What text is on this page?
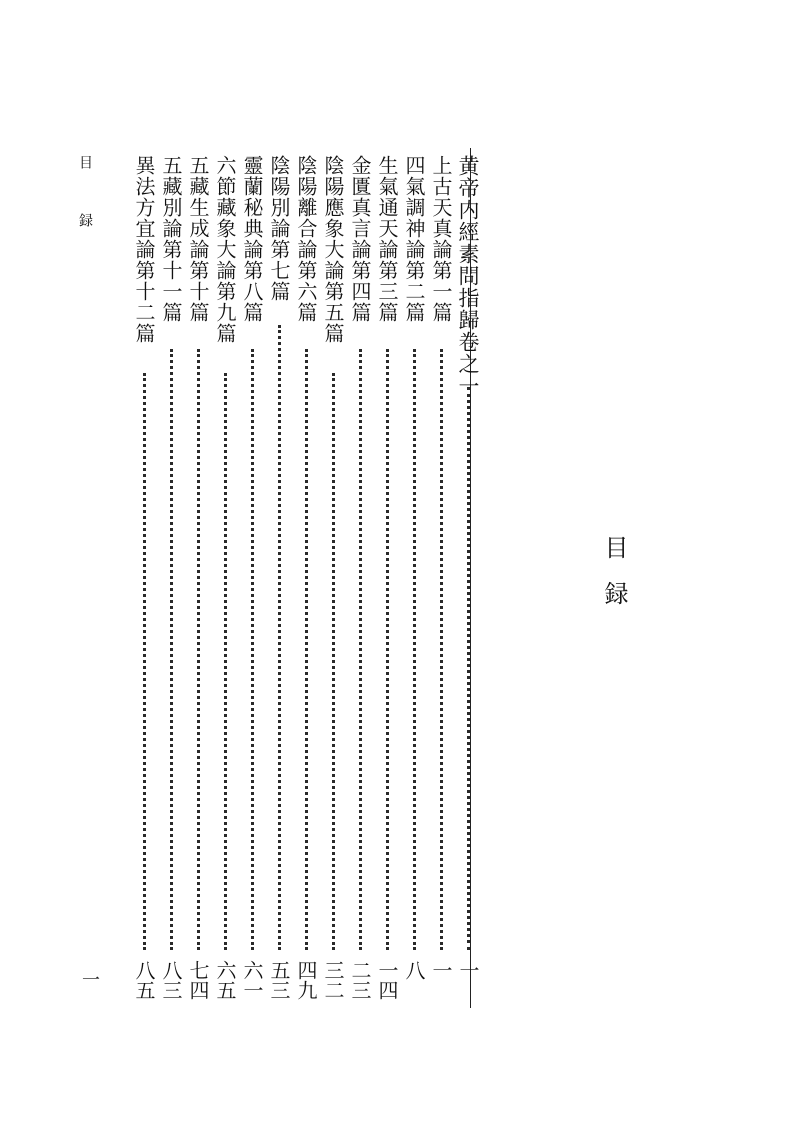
黄帝内經素問指歸卷之一
一
上古天真論第一篇
一
四氣調神論第二篇
八
生氣通天論第三篇
一四
金匱真言論第四篇
二三
陰陽應象大論第五篇
三二
陰陽離合論第六篇
四九
陰陽別論第七篇
五三
靈蘭秘典論第八篇
六一
六節藏象大論第九篇
六五
五藏生成論第十篇
七四
五藏別論第十一篇
八三
異法方宜論第十二篇
八五
目録
目 録
一
